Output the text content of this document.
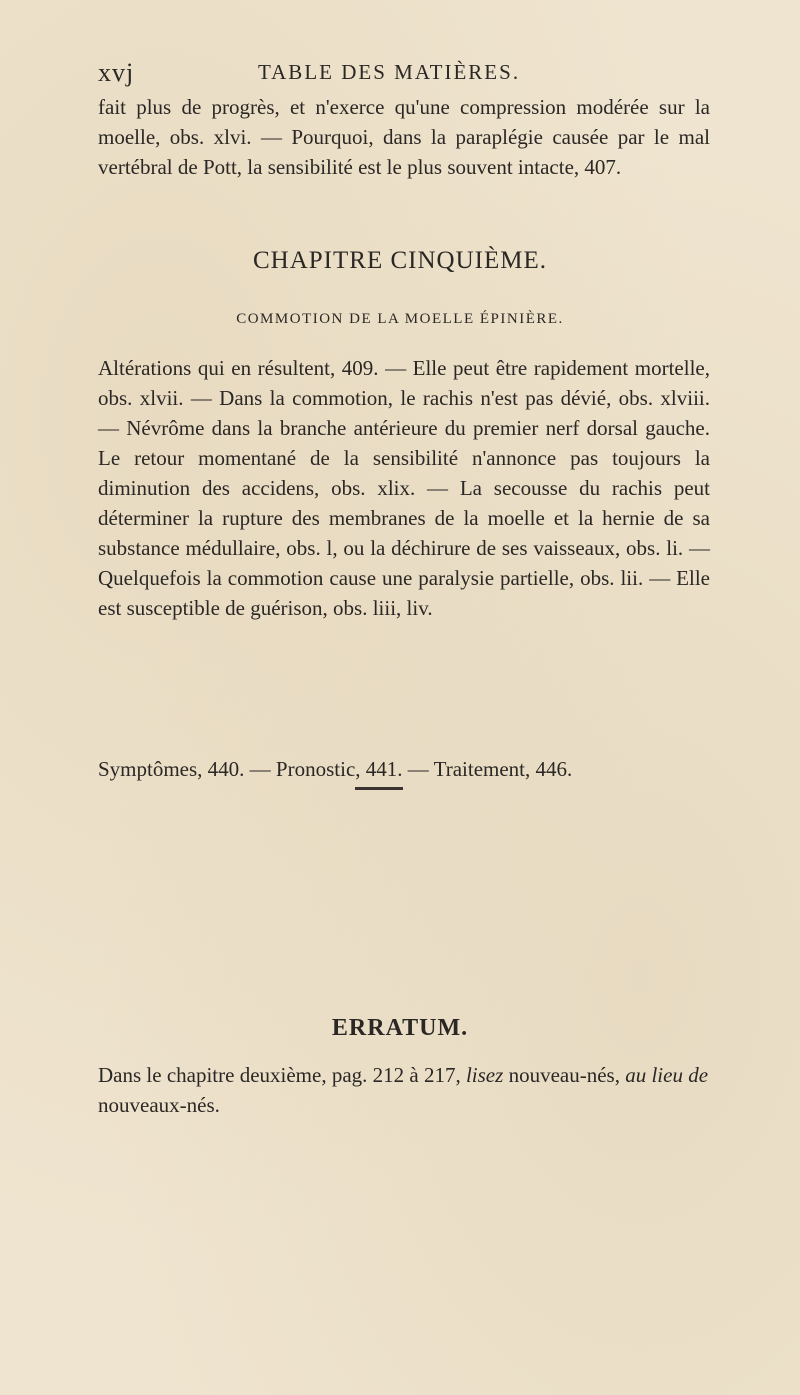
xvj	TABLE DES MATIÈRES.

fait plus de progrès, et n'exerce qu'une compression modérée sur la moelle, obs. xlvi. — Pourquoi, dans la paraplégie causée par le mal vertébral de Pott, la sensibilité est le plus souvent intacte, 407.

CHAPITRE CINQUIÈME.
COMMOTION DE LA MOELLE ÉPINIÈRE.

Altérations qui en résultent, 409. — Elle peut être rapidement mortelle, obs. xlvii. — Dans la commotion, le rachis n'est pas dévié, obs. xlviii. — Névrôme dans la branche antérieure du premier nerf dorsal gauche. Le retour momentané de la sensibilité n'annonce pas toujours la diminution des accidens, obs. xlix. — La secousse du rachis peut déterminer la rupture des membranes de la moelle et la hernie de sa substance médullaire, obs. l, ou la déchirure de ses vaisseaux, obs. li. — Quelquefois la commotion cause une paralysie partielle, obs. lii. — Elle est susceptible de guérison, obs. liii, liv.

Symptômes, 440. — Pronostic, 441. — Traitement, 446.

ERRATUM.

Dans le chapitre deuxième, pag. 212 à 217, lisez nouveau-nés, au lieu de nouveaux-nés.
